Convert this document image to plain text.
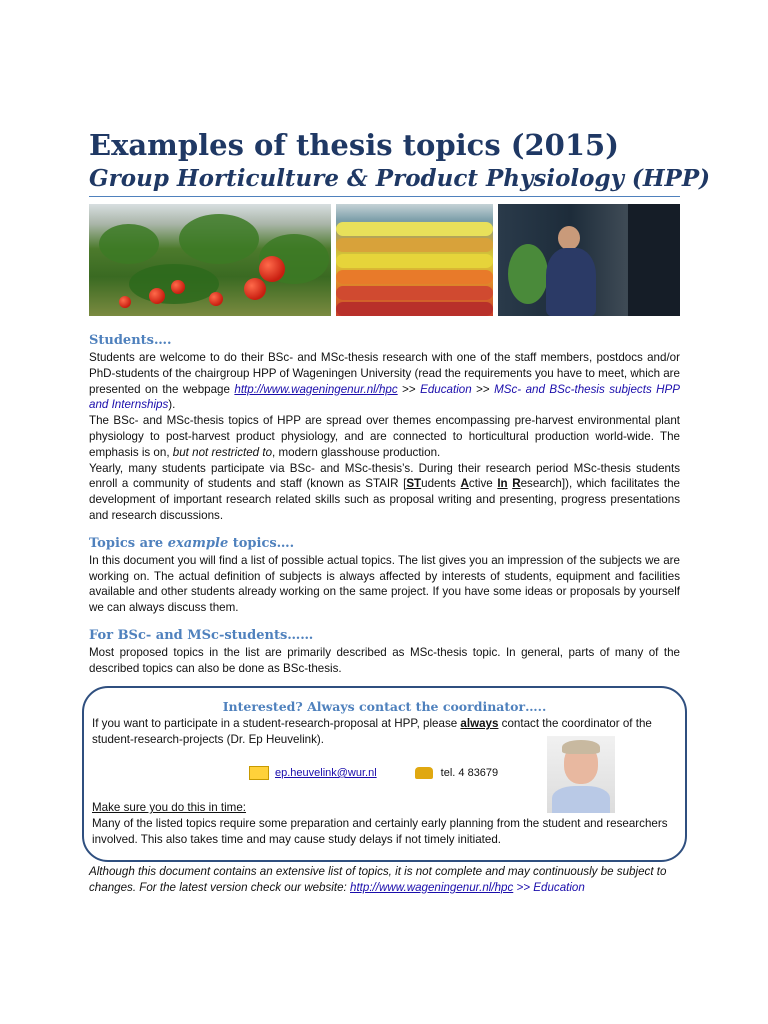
Examples of thesis topics (2015)
Group Horticulture & Product Physiology (HPP)
Students….

Students are welcome to do their BSc- and MSc-thesis research with one of the staff members, postdocs and/or PhD-students of the chairgroup HPP of Wageningen University (read the requirements you have to meet, which are presented on the webpage http://www.wageningenur.nl/hpc >> Education >> MSc- and BSc-thesis subjects HPP and Internships).

The BSc- and MSc-thesis topics of HPP are spread over themes encompassing pre-harvest environmental plant physiology to post-harvest product physiology, and are connected to horticultural production world-wide. The emphasis is on, but not restricted to, modern glasshouse production.

Yearly, many students participate via BSc- and MSc-thesis’s. During their research period MSc-thesis students enroll a community of students and staff (known as STAIR [STudents Active In Research]), which facilitates the development of important research related skills such as proposal writing and presenting, progress presentations and research discussions.

Topics are example topics….

In this document you will find a list of possible actual topics. The list gives you an impression of the subjects we are working on. The actual definition of subjects is always affected by interests of students, equipment and facilities available and other students already working on the same project. If you have some ideas or proposals by yourself we can always discuss them.

For BSc- and MSc-students……

Most proposed topics in the list are primarily described as MSc-thesis topic. In general, parts of many of the described topics can also be done as BSc-thesis.

Interested? Always contact the coordinator…..
If you want to participate in a student-research-proposal at HPP, please always contact the coordinator of the student-research-projects (Dr. Ep Heuvelink).
ep.heuvelink@wur.nl	tel. 4 83679
Make sure you do this in time:
Many of the listed topics require some preparation and certainly early planning from the student and researchers involved. This also takes time and may cause study delays if not timely initiated.
Although this document contains an extensive list of topics, it is not complete and may continuously be subject to changes. For the latest version check our website: http://www.wageningenur.nl/hpc >> Education
